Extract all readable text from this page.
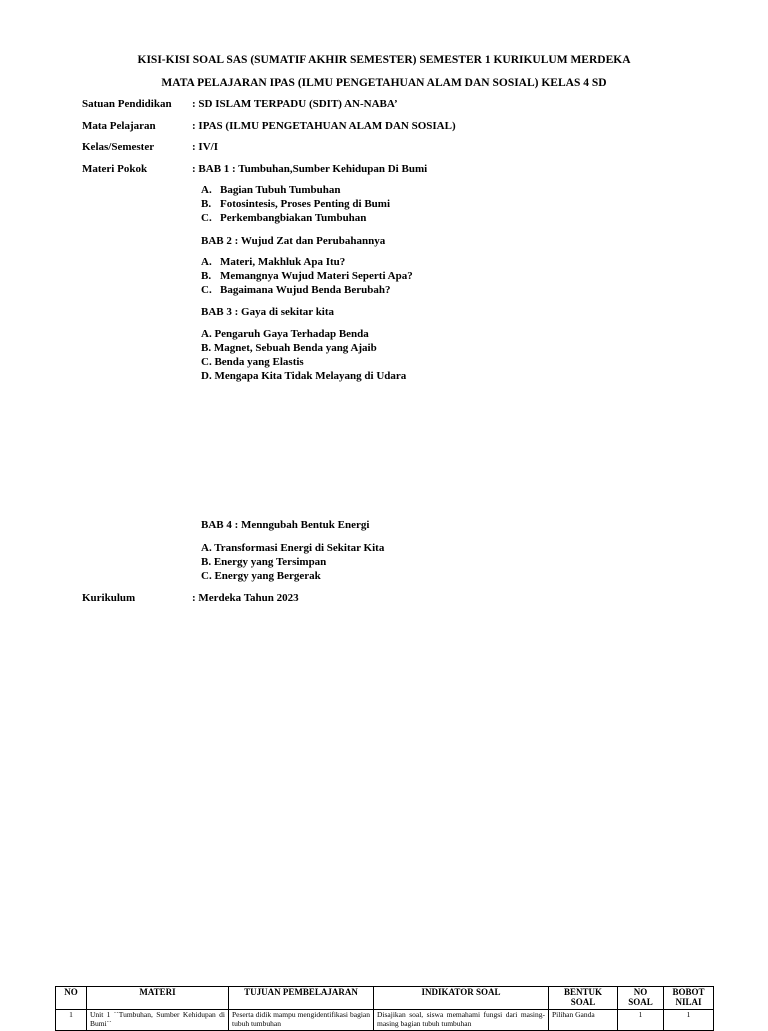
KISI-KISI SOAL SAS (SUMATIF AKHIR SEMESTER) SEMESTER 1 KURIKULUM MERDEKA
MATA PELAJARAN IPAS (ILMU PENGETAHUAN ALAM DAN SOSIAL) KELAS 4 SD
Satuan Pendidikan : SD ISLAM TERPADU (SDIT) AN-NABA’
Mata Pelajaran	: IPAS (ILMU PENGETAHUAN ALAM DAN SOSIAL)
Kelas/Semester	: IV/I
Materi Pokok	: BAB 1 : Tumbuhan,Sumber Kehidupan Di Bumi
A. Bagian Tubuh Tumbuhan
B. Fotosintesis, Proses Penting di Bumi
C. Perkembangbiakan Tumbuhan
BAB 2 : Wujud Zat dan Perubahannya
A. Materi, Makhluk Apa Itu?
B. Memangnya Wujud Materi Seperti Apa?
C. Bagaimana Wujud Benda Berubah?
BAB 3 : Gaya di sekitar kita
A. Pengaruh Gaya Terhadap Benda
B. Magnet, Sebuah Benda yang Ajaib
C. Benda yang Elastis
D. Mengapa Kita Tidak Melayang di Udara
BAB 4 : Menngubah Bentuk Energi
A. Transformasi Energi di Sekitar Kita
B. Energy yang Tersimpan
C. Energy yang Bergerak
Kurikulum	: Merdeka Tahun 2023
NO	MATERI	TUJUAN PEMBELAJARAN	INDIKATOR SOAL	BENTUK SOAL	NO SOAL	BOBOT NILAI
1	Unit 1 ``Tumbuhan, Sumber Kehidupan di Bumi``	Peserta didik mampu mengidentifikasi bagian tubuh tumbuhan	Disajikan soal, siswa memahami fungsi dari masing-masing bagian tubuh tumbuhan	Pilihan Ganda	1	1
